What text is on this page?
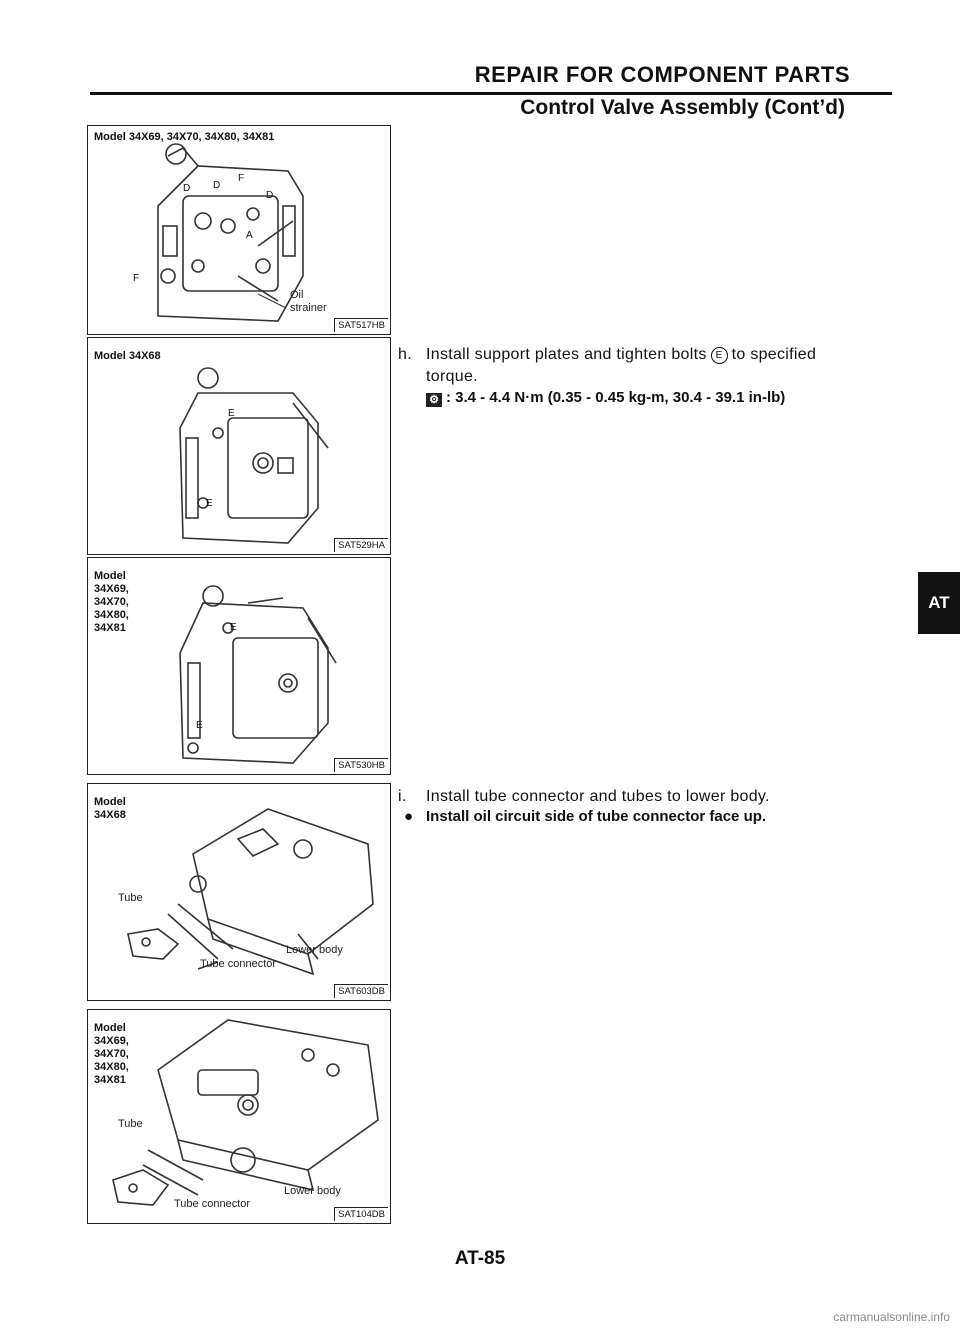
REPAIR FOR COMPONENT PARTS
Control Valve Assembly (Cont’d)
D D
F
D
A
F
Model 34X69, 34X70, 34X80, 34X81
Oil
strainer
SAT517HB
E
E
Model 34X68
SAT529HA
E
E
Model
34X69,
34X70,
34X80,
34X81
SAT530HB
Model
34X68
Tube
Lower body
Tube connector
SAT603DB
Model
34X69,
34X70,
34X80,
34X81
Tube
Lower body
Tube connector
SAT104DB
h. Install support plates and tighten bolts E to specified
torque.
⚙ : 3.4 - 4.4 N·m (0.35 - 0.45 kg-m, 30.4 - 39.1 in-lb)
i. Install tube connector and tubes to lower body.
● Install oil circuit side of tube connector face up.
AT
AT-85
carmanualsonline.info
